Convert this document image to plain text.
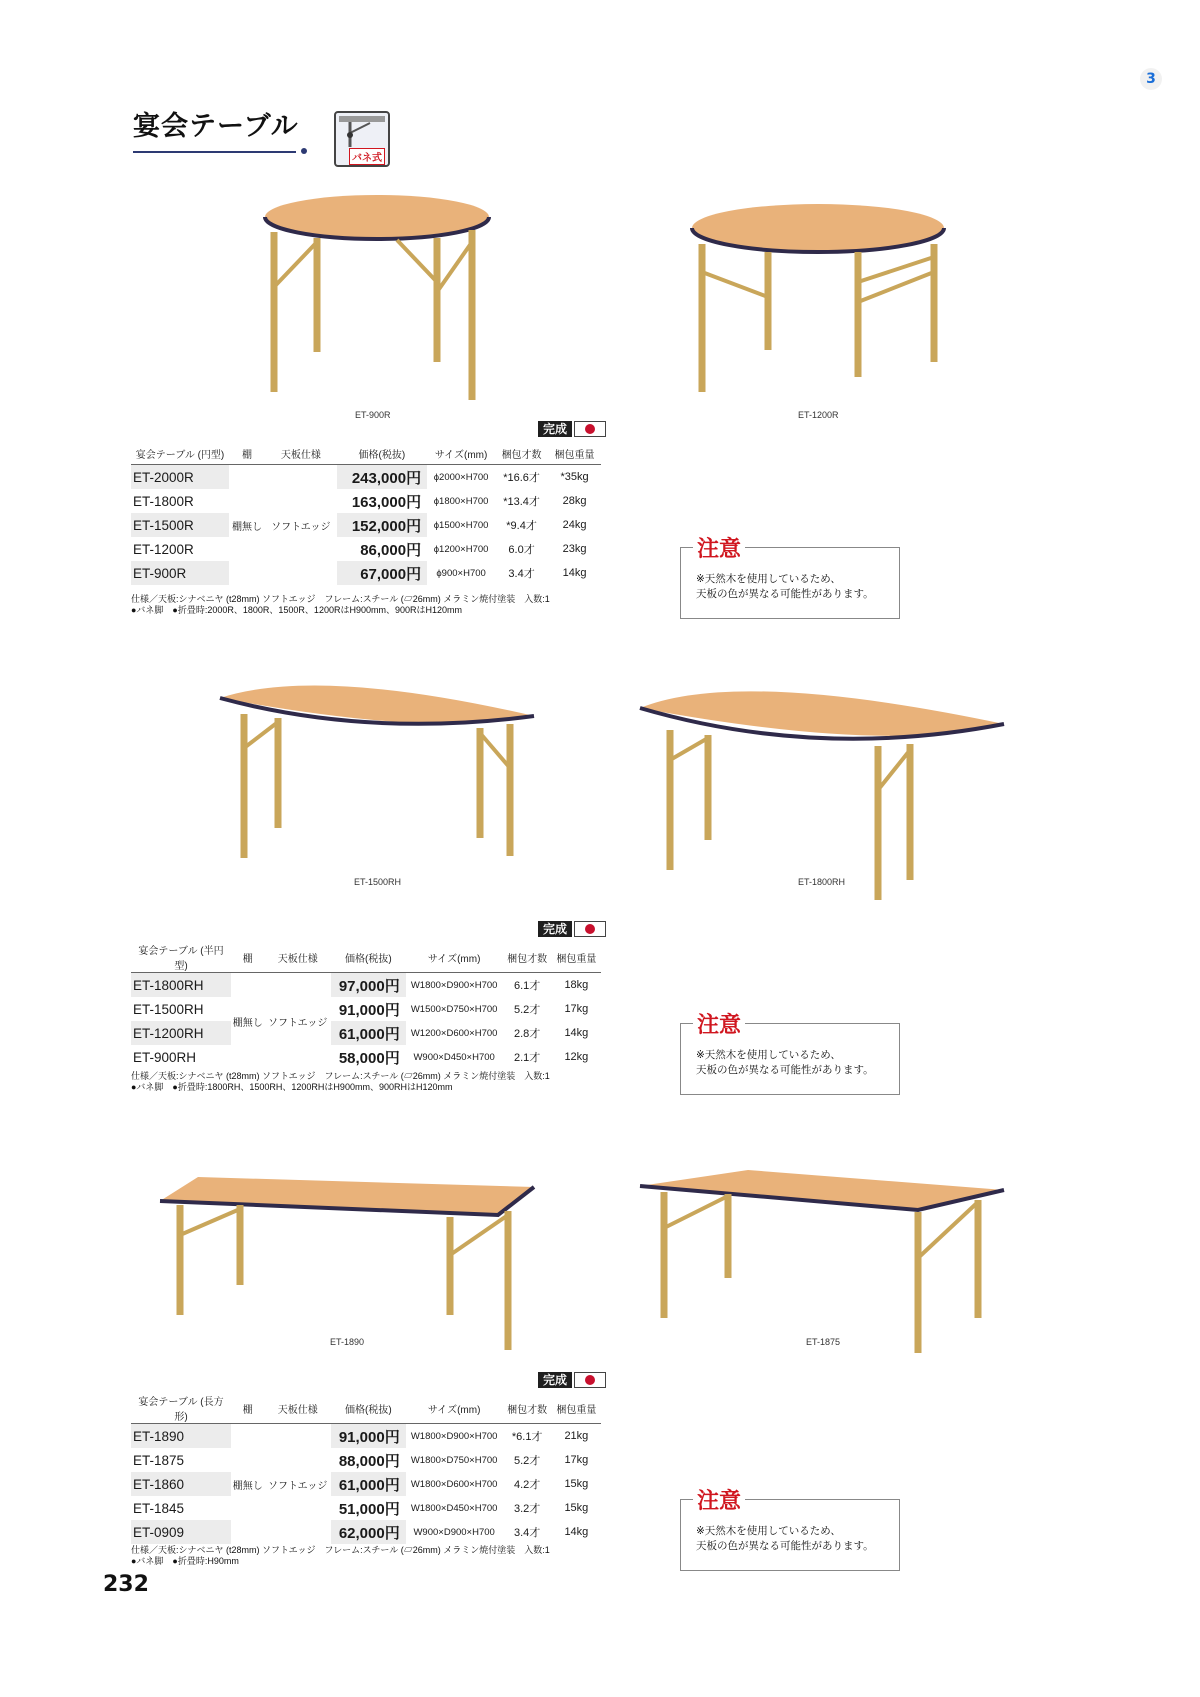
宴会テーブル
バネ式
3
ET-900R	ET-1200R
完成
宴会テーブル (円型)	棚	天板仕様	価格(税抜)	サイズ(mm)	梱包才数	梱包重量
ET-2000R	棚無し	ソフトエッジ	243,000円	ϕ2000×H700	*16.6才	*35kg
ET-1800R			163,000円	ϕ1800×H700	*13.4才	28kg
ET-1500R			152,000円	ϕ1500×H700	*9.4才	24kg
ET-1200R			86,000円	ϕ1200×H700	6.0才	23kg
ET-900R			67,000円	ϕ900×H700	3.4才	14kg
仕様／天板:シナベニヤ (t28mm) ソフトエッジ　フレーム:スチール (▱26mm) メラミン焼付塗装　入数:1
●バネ脚　●折畳時:2000R、1800R、1500R、1200RはH900mm、900RはH120mm
注意
※天然木を使用しているため、
天板の色が異なる可能性があります。
ET-1500RH	ET-1800RH
完成
宴会テーブル (半円型)	棚	天板仕様	価格(税抜)	サイズ(mm)	梱包才数	梱包重量
ET-1800RH	棚無し	ソフトエッジ	97,000円	W1800×D900×H700	6.1才	18kg
ET-1500RH			91,000円	W1500×D750×H700	5.2才	17kg
ET-1200RH			61,000円	W1200×D600×H700	2.8才	14kg
ET-900RH			58,000円	W900×D450×H700	2.1才	12kg
仕様／天板:シナベニヤ (t28mm) ソフトエッジ　フレーム:スチール (▱26mm) メラミン焼付塗装　入数:1
●バネ脚　●折畳時:1800RH、1500RH、1200RHはH900mm、900RHはH120mm
注意
※天然木を使用しているため、
天板の色が異なる可能性があります。
ET-1890	ET-1875
完成
宴会テーブル (長方形)	棚	天板仕様	価格(税抜)	サイズ(mm)	梱包才数	梱包重量
ET-1890	棚無し	ソフトエッジ	91,000円	W1800×D900×H700	*6.1才	21kg
ET-1875			88,000円	W1800×D750×H700	5.2才	17kg
ET-1860			61,000円	W1800×D600×H700	4.2才	15kg
ET-1845			51,000円	W1800×D450×H700	3.2才	15kg
ET-0909			62,000円	W900×D900×H700	3.4才	14kg
仕様／天板:シナベニヤ (t28mm) ソフトエッジ　フレーム:スチール (▱26mm) メラミン焼付塗装　入数:1
●バネ脚　●折畳時:H90mm
注意
※天然木を使用しているため、
天板の色が異なる可能性があります。
232
